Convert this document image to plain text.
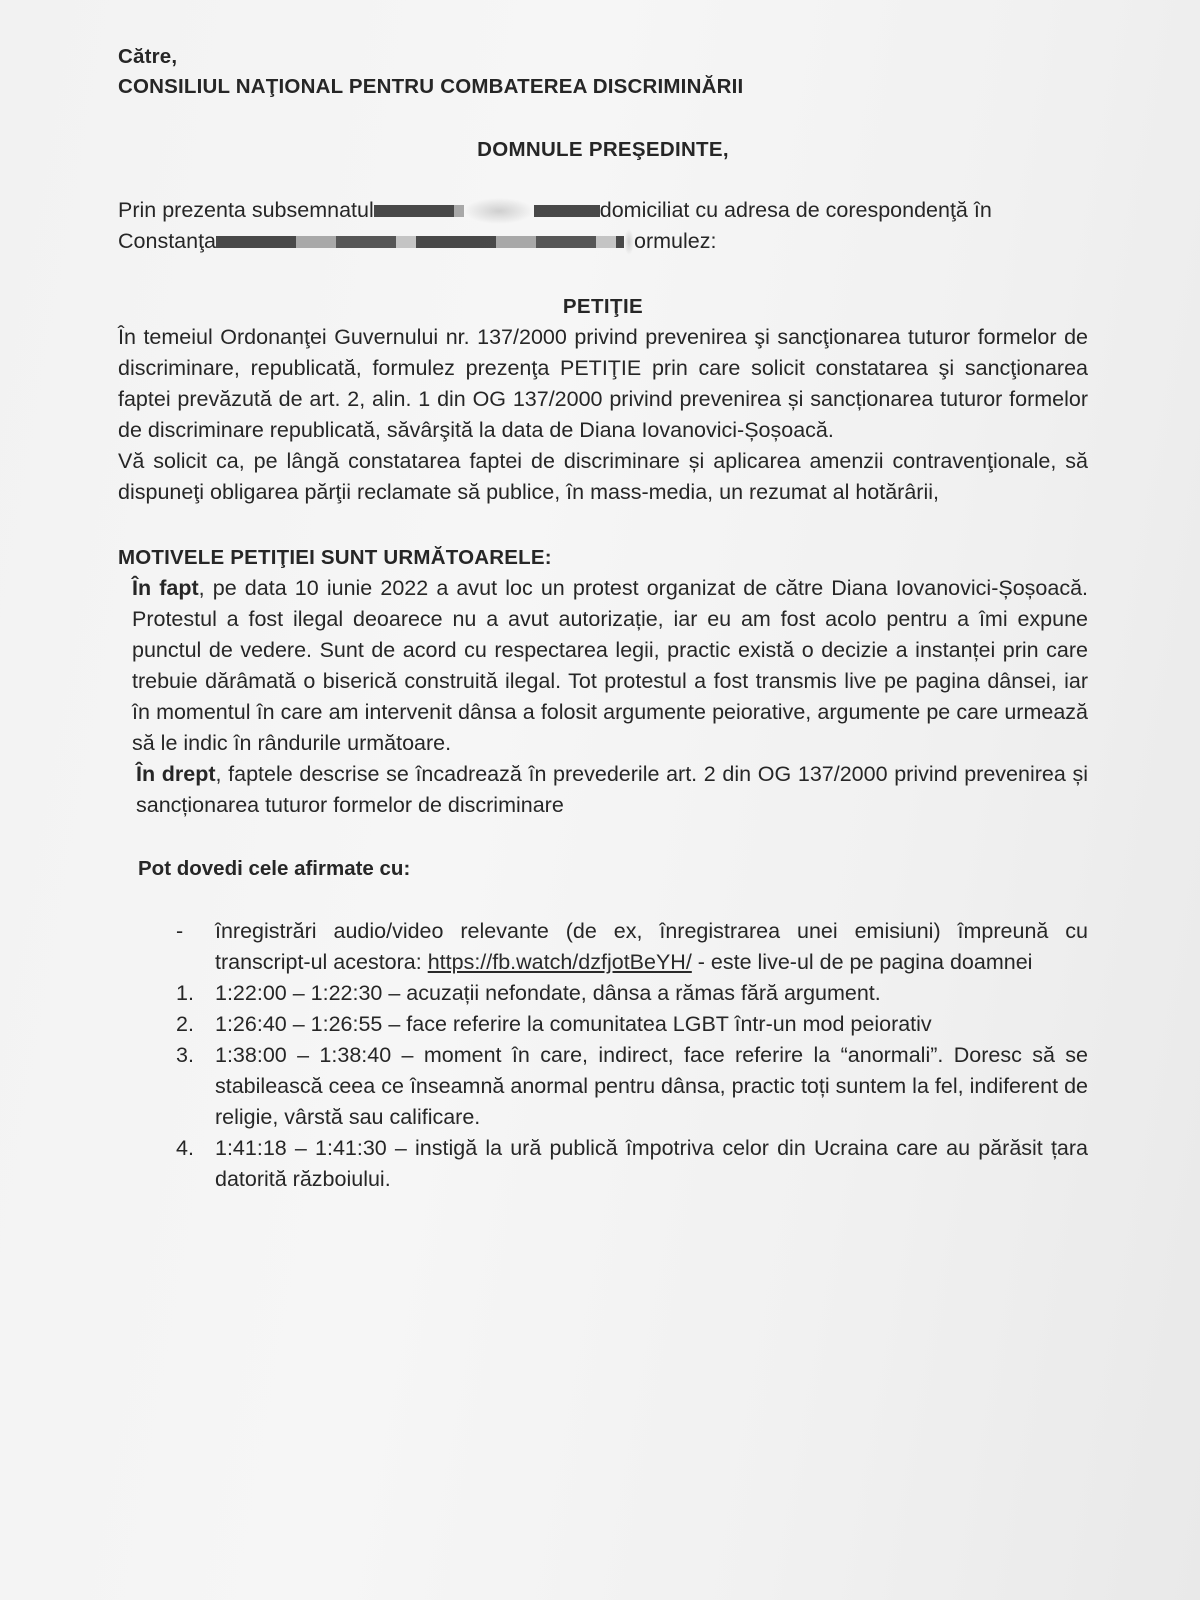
Către,

CONSILIUL NAŢIONAL PENTRU COMBATEREA DISCRIMINĂRII

DOMNULE PREŞEDINTE,
Prin prezenta subsemnatul	domiciliat cu adresa de corespondenţă în
Constanţa	ormulez:
PETIŢIE

În temeiul Ordonanţei Guvernului nr. 137/2000 privind prevenirea şi sancţionarea tuturor formelor de discriminare, republicată, formulez prezenţa PETIŢIE prin care solicit constatarea şi sancţionarea faptei prevăzută de art. 2, alin. 1 din OG 137/2000 privind prevenirea și sancționarea tuturor formelor de discriminare republicată, săvârşită la data de Diana Iovanovici-Șoșoacă.

Vă solicit ca, pe lângă constatarea faptei de discriminare și aplicarea amenzii contravenţionale, să dispuneţi obligarea părţii reclamate să publice, în mass-media, un rezumat al hotărârii,

MOTIVELE PETIŢIEI SUNT URMĂTOARELE:

În fapt, pe data 10 iunie 2022 a avut loc un protest organizat de către Diana Iovanovici-Șoșoacă. Protestul a fost ilegal deoarece nu a avut autorizație, iar eu am fost acolo pentru a îmi expune punctul de vedere. Sunt de acord cu respectarea legii, practic există o decizie a instanței prin care trebuie dărâmată o biserică construită ilegal. Tot protestul a fost transmis live pe pagina dânsei, iar în momentul în care am intervenit dânsa a folosit argumente peiorative, argumente pe care urmează să le indic în rândurile următoare.

În drept, faptele descrise se încadrează în prevederile art. 2 din OG 137/2000 privind prevenirea și sancționarea tuturor formelor de discriminare

Pot dovedi cele afirmate cu:
- înregistrări audio/video relevante (de ex, înregistrarea unei emisiuni) împreună cu transcript-ul acestora: https://fb.watch/dzfjotBeYH/ - este live-ul de pe pagina doamnei
1. 1:22:00 – 1:22:30 – acuzații nefondate, dânsa a rămas fără argument.
2. 1:26:40 – 1:26:55 – face referire la comunitatea LGBT într-un mod peiorativ
3. 1:38:00 – 1:38:40 – moment în care, indirect, face referire la “anormali”. Doresc să se stabilească ceea ce înseamnă anormal pentru dânsa, practic toți suntem la fel, indiferent de religie, vârstă sau calificare.
4. 1:41:18 – 1:41:30 – instigă la ură publică împotriva celor din Ucraina care au părăsit țara datorită războiului.
